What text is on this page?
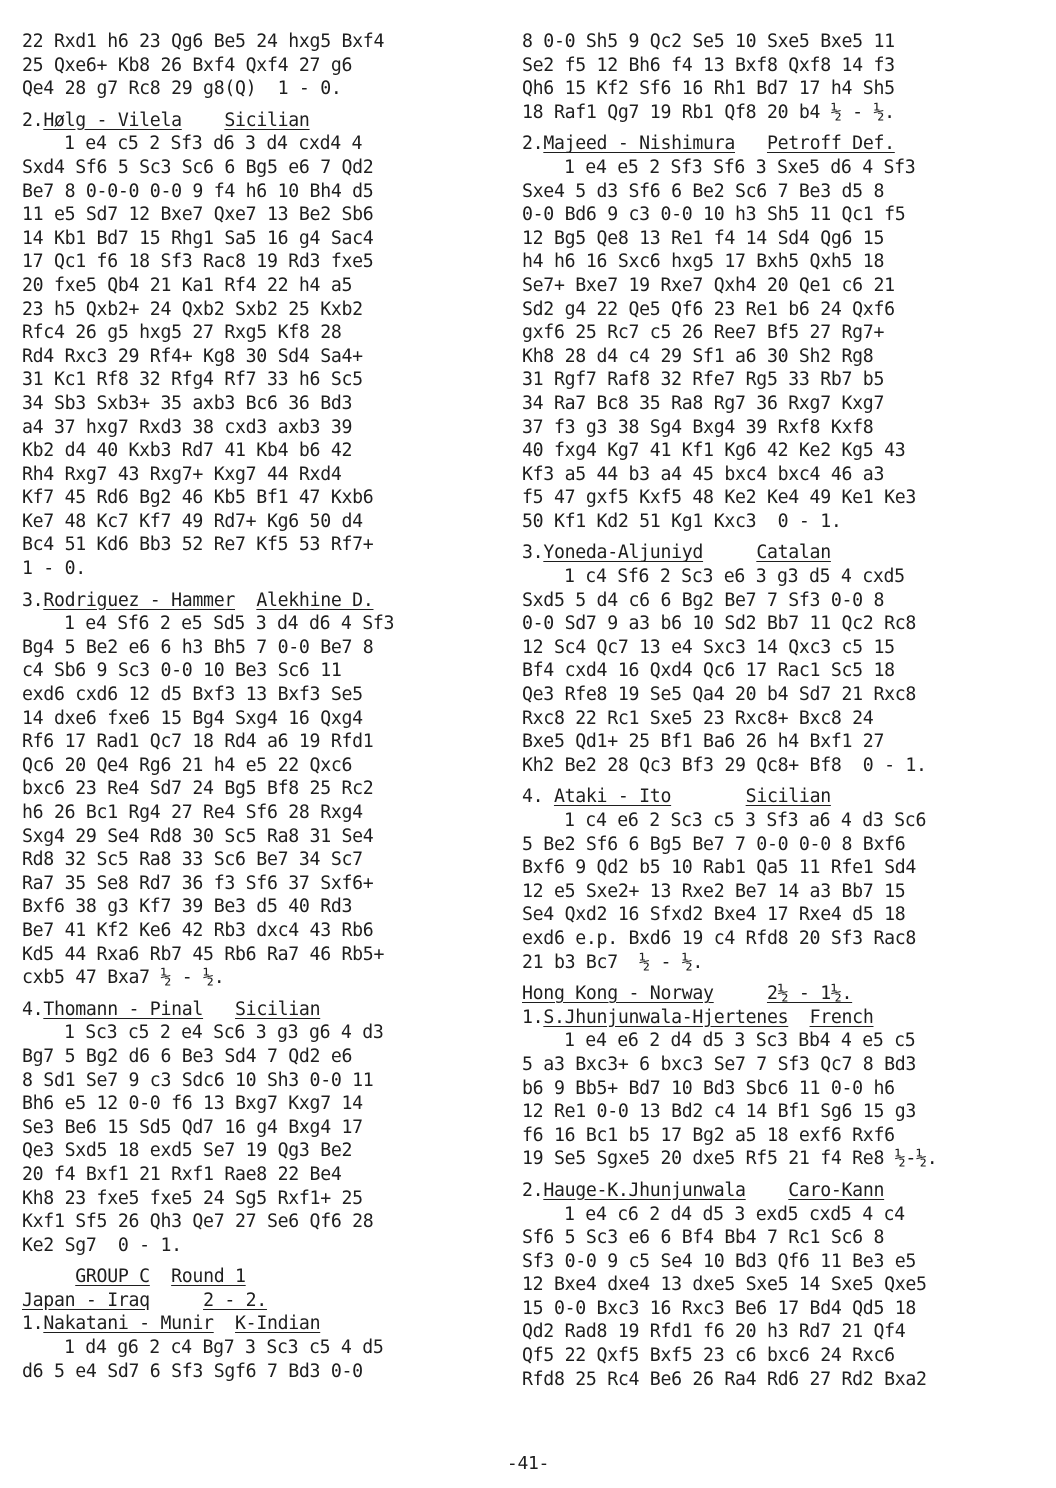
22 Rxd1 h6 23 Qg6 Be5 24 hxg5 Bxf4
25 Qxe6+ Kb8 26 Bxf4 Qxf4 27 g6
Qe4 28 g7 Rc8 29 g8(Q)  1 - 0.
2. Hølg - Vilela
Sicilian
1 e4 c5 2 Sf3 d6 3 d4 cxd4 4
Sxd4 Sf6 5 Sc3 Sc6 6 Bg5 e6 7 Qd2
Be7 8 0-0-0 0-0 9 f4 h6 10 Bh4 d5
11 e5 Sd7 12 Bxe7 Qxe7 13 Be2 Sb6
14 Kb1 Bd7 15 Rhg1 Sa5 16 g4 Sac4
17 Qc1 f6 18 Sf3 Rac8 19 Rd3 fxe5
20 fxe5 Qb4 21 Ka1 Rf4 22 h4 a5
23 h5 Qxb2+ 24 Qxb2 Sxb2 25 Kxb2
Rfc4 26 g5 hxg5 27 Rxg5 Kf8 28
Rd4 Rxc3 29 Rf4+ Kg8 30 Sd4 Sa4+
31 Kc1 Rf8 32 Rfg4 Rf7 33 h6 Sc5
34 Sb3 Sxb3+ 35 axb3 Bc6 36 Bd3
a4 37 hxg7 Rxd3 38 cxd3 axb3 39
Kb2 d4 40 Kxb3 Rd7 41 Kb4 b6 42
Rh4 Rxg7 43 Rxg7+ Kxg7 44 Rxd4
Kf7 45 Rd6 Bg2 46 Kb5 Bf1 47 Kxb6
Ke7 48 Kc7 Kf7 49 Rd7+ Kg6 50 d4
Bc4 51 Kd6 Bb3 52 Re7 Kf5 53 Rf7+
1 - 0.
3. Rodriguez - Hammer
Alekhine D.
1 e4 Sf6 2 e5 Sd5 3 d4 d6 4 Sf3
Bg4 5 Be2 e6 6 h3 Bh5 7 0-0 Be7 8
c4 Sb6 9 Sc3 0-0 10 Be3 Sc6 11
exd6 cxd6 12 d5 Bxf3 13 Bxf3 Se5
14 dxe6 fxe6 15 Bg4 Sxg4 16 Qxg4
Rf6 17 Rad1 Qc7 18 Rd4 a6 19 Rfd1
Qc6 20 Qe4 Rg6 21 h4 e5 22 Qxc6
bxc6 23 Re4 Sd7 24 Bg5 Bf8 25 Rc2
h6 26 Bc1 Rg4 27 Re4 Sf6 28 Rxg4
Sxg4 29 Se4 Rd8 30 Sc5 Ra8 31 Se4
Rd8 32 Sc5 Ra8 33 Sc6 Be7 34 Sc7
Ra7 35 Se8 Rd7 36 f3 Sf6 37 Sxf6+
Bxf6 38 g3 Kf7 39 Be3 d5 40 Rd3
Be7 41 Kf2 Ke6 42 Rb3 dxc4 43 Rb6
Kd5 44 Rxa6 Rb7 45 Rb6 Ra7 46 Rb5+
cxb5 47 Bxa7 ½ - ½.
4. Thomann - Pinal
Sicilian
1 Sc3 c5 2 e4 Sc6 3 g3 g6 4 d3
Bg7 5 Bg2 d6 6 Be3 Sd4 7 Qd2 e6
8 Sd1 Se7 9 c3 Sdc6 10 Sh3 0-0 11
Bh6 e5 12 0-0 f6 13 Bxg7 Kxg7 14
Se3 Be6 15 Sd5 Qd7 16 g4 Bxg4 17
Qe3 Sxd5 18 exd5 Se7 19 Qg3 Be2
20 f4 Bxf1 21 Rxf1 Rae8 22 Be4
Kh8 23 fxe5 fxe5 24 Sg5 Rxf1+ 25
Kxf1 Sf5 26 Qh3 Qe7 27 Se6 Qf6 28
Ke2 Sg7  0 - 1.

GROUP C
Round 1
Japan - Iraq
	2 - 2.
1. Nakatani - Munir
K-Indian
1 d4 g6 2 c4 Bg7 3 Sc3 c5 4 d5
d6 5 e4 Sd7 6 Sf3 Sgf6 7 Bd3 0-0
8 0-0 Sh5 9 Qc2 Se5 10 Sxe5 Bxe5 11
Se2 f5 12 Bh6 f4 13 Bxf8 Qxf8 14 f3
Qh6 15 Kf2 Sf6 16 Rh1 Bd7 17 h4 Sh5
18 Raf1 Qg7 19 Rb1 Qf8 20 b4 ½ - ½.
2. Majeed - Nishimura
Petroff Def.
1 e4 e5 2 Sf3 Sf6 3 Sxe5 d6 4 Sf3
Sxe4 5 d3 Sf6 6 Be2 Sc6 7 Be3 d5 8
0-0 Bd6 9 c3 0-0 10 h3 Sh5 11 Qc1 f5
12 Bg5 Qe8 13 Re1 f4 14 Sd4 Qg6 15
h4 h6 16 Sxc6 hxg5 17 Bxh5 Qxh5 18
Se7+ Bxe7 19 Rxe7 Qxh4 20 Qe1 c6 21
Sd2 g4 22 Qe5 Qf6 23 Re1 b6 24 Qxf6
gxf6 25 Rc7 c5 26 Ree7 Bf5 27 Rg7+
Kh8 28 d4 c4 29 Sf1 a6 30 Sh2 Rg8
31 Rgf7 Raf8 32 Rfe7 Rg5 33 Rb7 b5
34 Ra7 Bc8 35 Ra8 Rg7 36 Rxg7 Kxg7
37 f3 g3 38 Sg4 Bxg4 39 Rxf8 Kxf8
40 fxg4 Kg7 41 Kf1 Kg6 42 Ke2 Kg5 43
Kf3 a5 44 b3 a4 45 bxc4 bxc4 46 a3
f5 47 gxf5 Kxf5 48 Ke2 Ke4 49 Ke1 Ke3
50 Kf1 Kd2 51 Kg1 Kxc3  0 - 1.
3. Yoneda-Aljuniyd
	Catalan
1 c4 Sf6 2 Sc3 e6 3 g3 d5 4 cxd5
Sxd5 5 d4 c6 6 Bg2 Be7 7 Sf3 0-0 8
0-0 Sd7 9 a3 b6 10 Sd2 Bb7 11 Qc2 Rc8
12 Sc4 Qc7 13 e4 Sxc3 14 Qxc3 c5 15
Bf4 cxd4 16 Qxd4 Qc6 17 Rac1 Sc5 18
Qe3 Rfe8 19 Se5 Qa4 20 b4 Sd7 21 Rxc8
Rxc8 22 Rc1 Sxe5 23 Rxc8+ Bxc8 24
Bxe5 Qd1+ 25 Bf1 Ba6 26 h4 Bxf1 27
Kh2 Be2 28 Qc3 Bf3 29 Qc8+ Bf8  0 - 1.
4. Ataki - Ito
	Sicilian
1 c4 e6 2 Sc3 c5 3 Sf3 a6 4 d3 Sc6
5 Be2 Sf6 6 Bg5 Be7 7 0-0 0-0 8 Bxf6
Bxf6 9 Qd2 b5 10 Rab1 Qa5 11 Rfe1 Sd4
12 e5 Sxe2+ 13 Rxe2 Be7 14 a3 Bb7 15
Se4 Qxd2 16 Sfxd2 Bxe4 17 Rxe4 d5 18
exd6 e.p. Bxd6 19 c4 Rfd8 20 Sf3 Rac8
21 b3 Bc7  ½ - ½.
Hong Kong - Norway
	2½ - 1½.
1. S.Jhunjunwala-Hjertenes
French
1 e4 e6 2 d4 d5 3 Sc3 Bb4 4 e5 c5
5 a3 Bxc3+ 6 bxc3 Se7 7 Sf3 Qc7 8 Bd3
b6 9 Bb5+ Bd7 10 Bd3 Sbc6 11 0-0 h6
12 Re1 0-0 13 Bd2 c4 14 Bf1 Sg6 15 g3
f6 16 Bc1 b5 17 Bg2 a5 18 exf6 Rxf6
19 Se5 Sgxe5 20 dxe5 Rf5 21 f4 Re8 ½-½.
2. Hauge-K.Jhunjunwala
Caro-Kann
1 e4 c6 2 d4 d5 3 exd5 cxd5 4 c4
Sf6 5 Sc3 e6 6 Bf4 Bb4 7 Rc1 Sc6 8
Sf3 0-0 9 c5 Se4 10 Bd3 Qf6 11 Be3 e5
12 Bxe4 dxe4 13 dxe5 Sxe5 14 Sxe5 Qxe5
15 0-0 Bxc3 16 Rxc3 Be6 17 Bd4 Qd5 18
Qd2 Rad8 19 Rfd1 f6 20 h3 Rd7 21 Qf4
Qf5 22 Qxf5 Bxf5 23 c6 bxc6 24 Rxc6
Rfd8 25 Rc4 Be6 26 Ra4 Rd6 27 Rd2 Bxa2
-41-
